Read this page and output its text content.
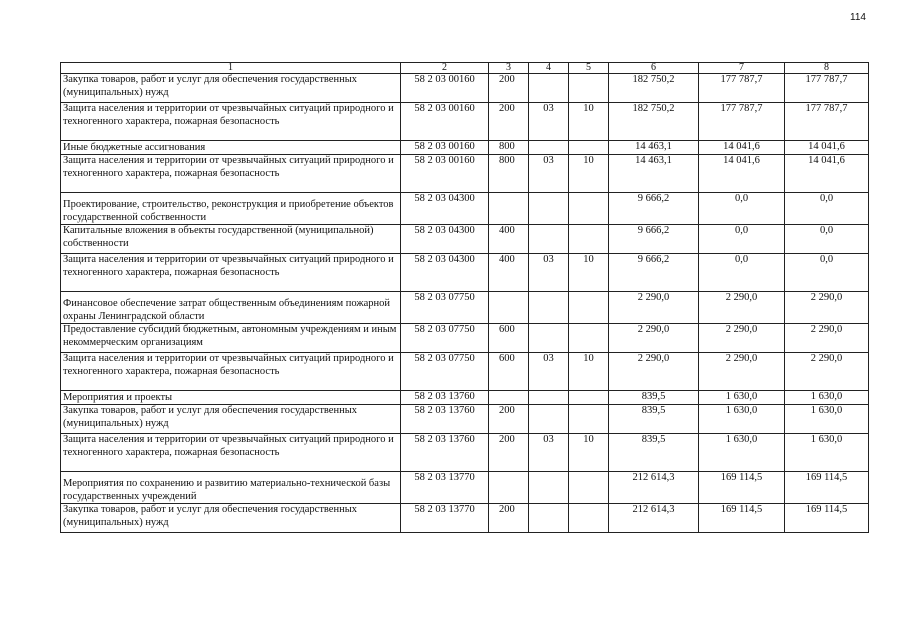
114
1	2	3	4	5	6	7	8
Закупка товаров, работ и услуг для обеспечения государственных (муниципальных) нужд	58 2 03 00160	200			182 750,2	177 787,7	177 787,7
Защита населения и территории от чрезвычайных ситуаций природного и техногенного характера, пожарная безопасность	58 2 03 00160	200	03	10	182 750,2	177 787,7	177 787,7
Иные бюджетные ассигнования	58 2 03 00160	800			14 463,1	14 041,6	14 041,6
Защита населения и территории от чрезвычайных ситуаций природного и техногенного характера, пожарная безопасность	58 2 03 00160	800	03	10	14 463,1	14 041,6	14 041,6
Проектирование, строительство, реконструкция и приобретение объектов государственной собственности	58 2 03 04300				9 666,2	0,0	0,0
Капитальные вложения в объекты государственной (муниципальной) собственности	58 2 03 04300	400			9 666,2	0,0	0,0
Защита населения и территории от чрезвычайных ситуаций природного и техногенного характера, пожарная безопасность	58 2 03 04300	400	03	10	9 666,2	0,0	0,0
Финансовое обеспечение затрат общественным объединениям пожарной охраны Ленинградской области	58 2 03 07750				2 290,0	2 290,0	2 290,0
Предоставление субсидий бюджетным, автономным учреждениям и иным некоммерческим организациям	58 2 03 07750	600			2 290,0	2 290,0	2 290,0
Защита населения и территории от чрезвычайных ситуаций природного и техногенного характера, пожарная безопасность	58 2 03 07750	600	03	10	2 290,0	2 290,0	2 290,0
Мероприятия и проекты	58 2 03 13760				839,5	1 630,0	1 630,0
Закупка товаров, работ и услуг для обеспечения государственных (муниципальных) нужд	58 2 03 13760	200			839,5	1 630,0	1 630,0
Защита населения и территории от чрезвычайных ситуаций природного и техногенного характера, пожарная безопасность	58 2 03 13760	200	03	10	839,5	1 630,0	1 630,0
Мероприятия по сохранению и развитию материально-технической базы государственных учреждений	58 2 03 13770				212 614,3	169 114,5	169 114,5
Закупка товаров, работ и услуг для обеспечения государственных (муниципальных) нужд	58 2 03 13770	200			212 614,3	169 114,5	169 114,5
